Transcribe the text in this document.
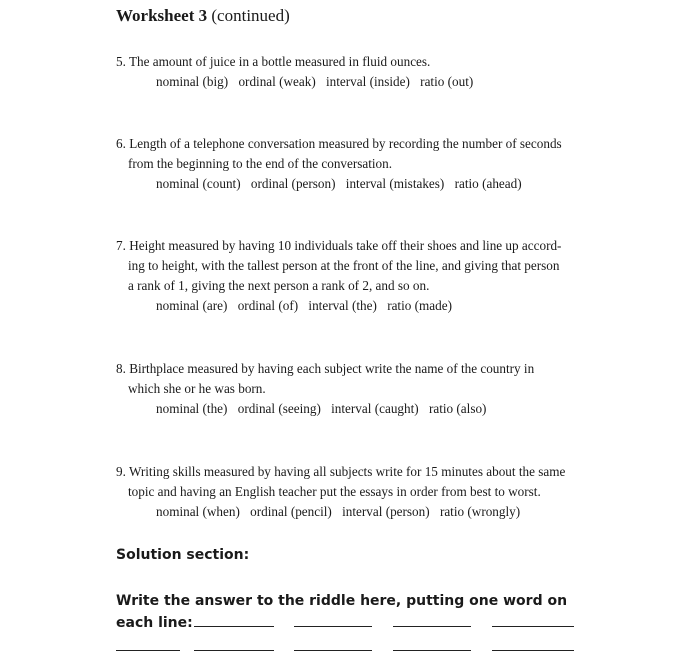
Worksheet 3 (continued)
5. The amount of juice in a bottle measured in fluid ounces.
nominal (big) ordinal (weak) interval (inside) ratio (out)
6. Length of a telephone conversation measured by recording the number of seconds
from the beginning to the end of the conversation.
nominal (count) ordinal (person) interval (mistakes) ratio (ahead)
7. Height measured by having 10 individuals take off their shoes and line up accord-
ing to height, with the tallest person at the front of the line, and giving that person
a rank of 1, giving the next person a rank of 2, and so on.
nominal (are) ordinal (of) interval (the) ratio (made)
8. Birthplace measured by having each subject write the name of the country in
which she or he was born.
nominal (the) ordinal (seeing) interval (caught) ratio (also)
9. Writing skills measured by having all subjects write for 15 minutes about the same
topic and having an English teacher put the essays in order from best to worst.
nominal (when) ordinal (pencil) interval (person) ratio (wrongly)
Solution section:
Write the answer to the riddle here, putting one word on
each line:
